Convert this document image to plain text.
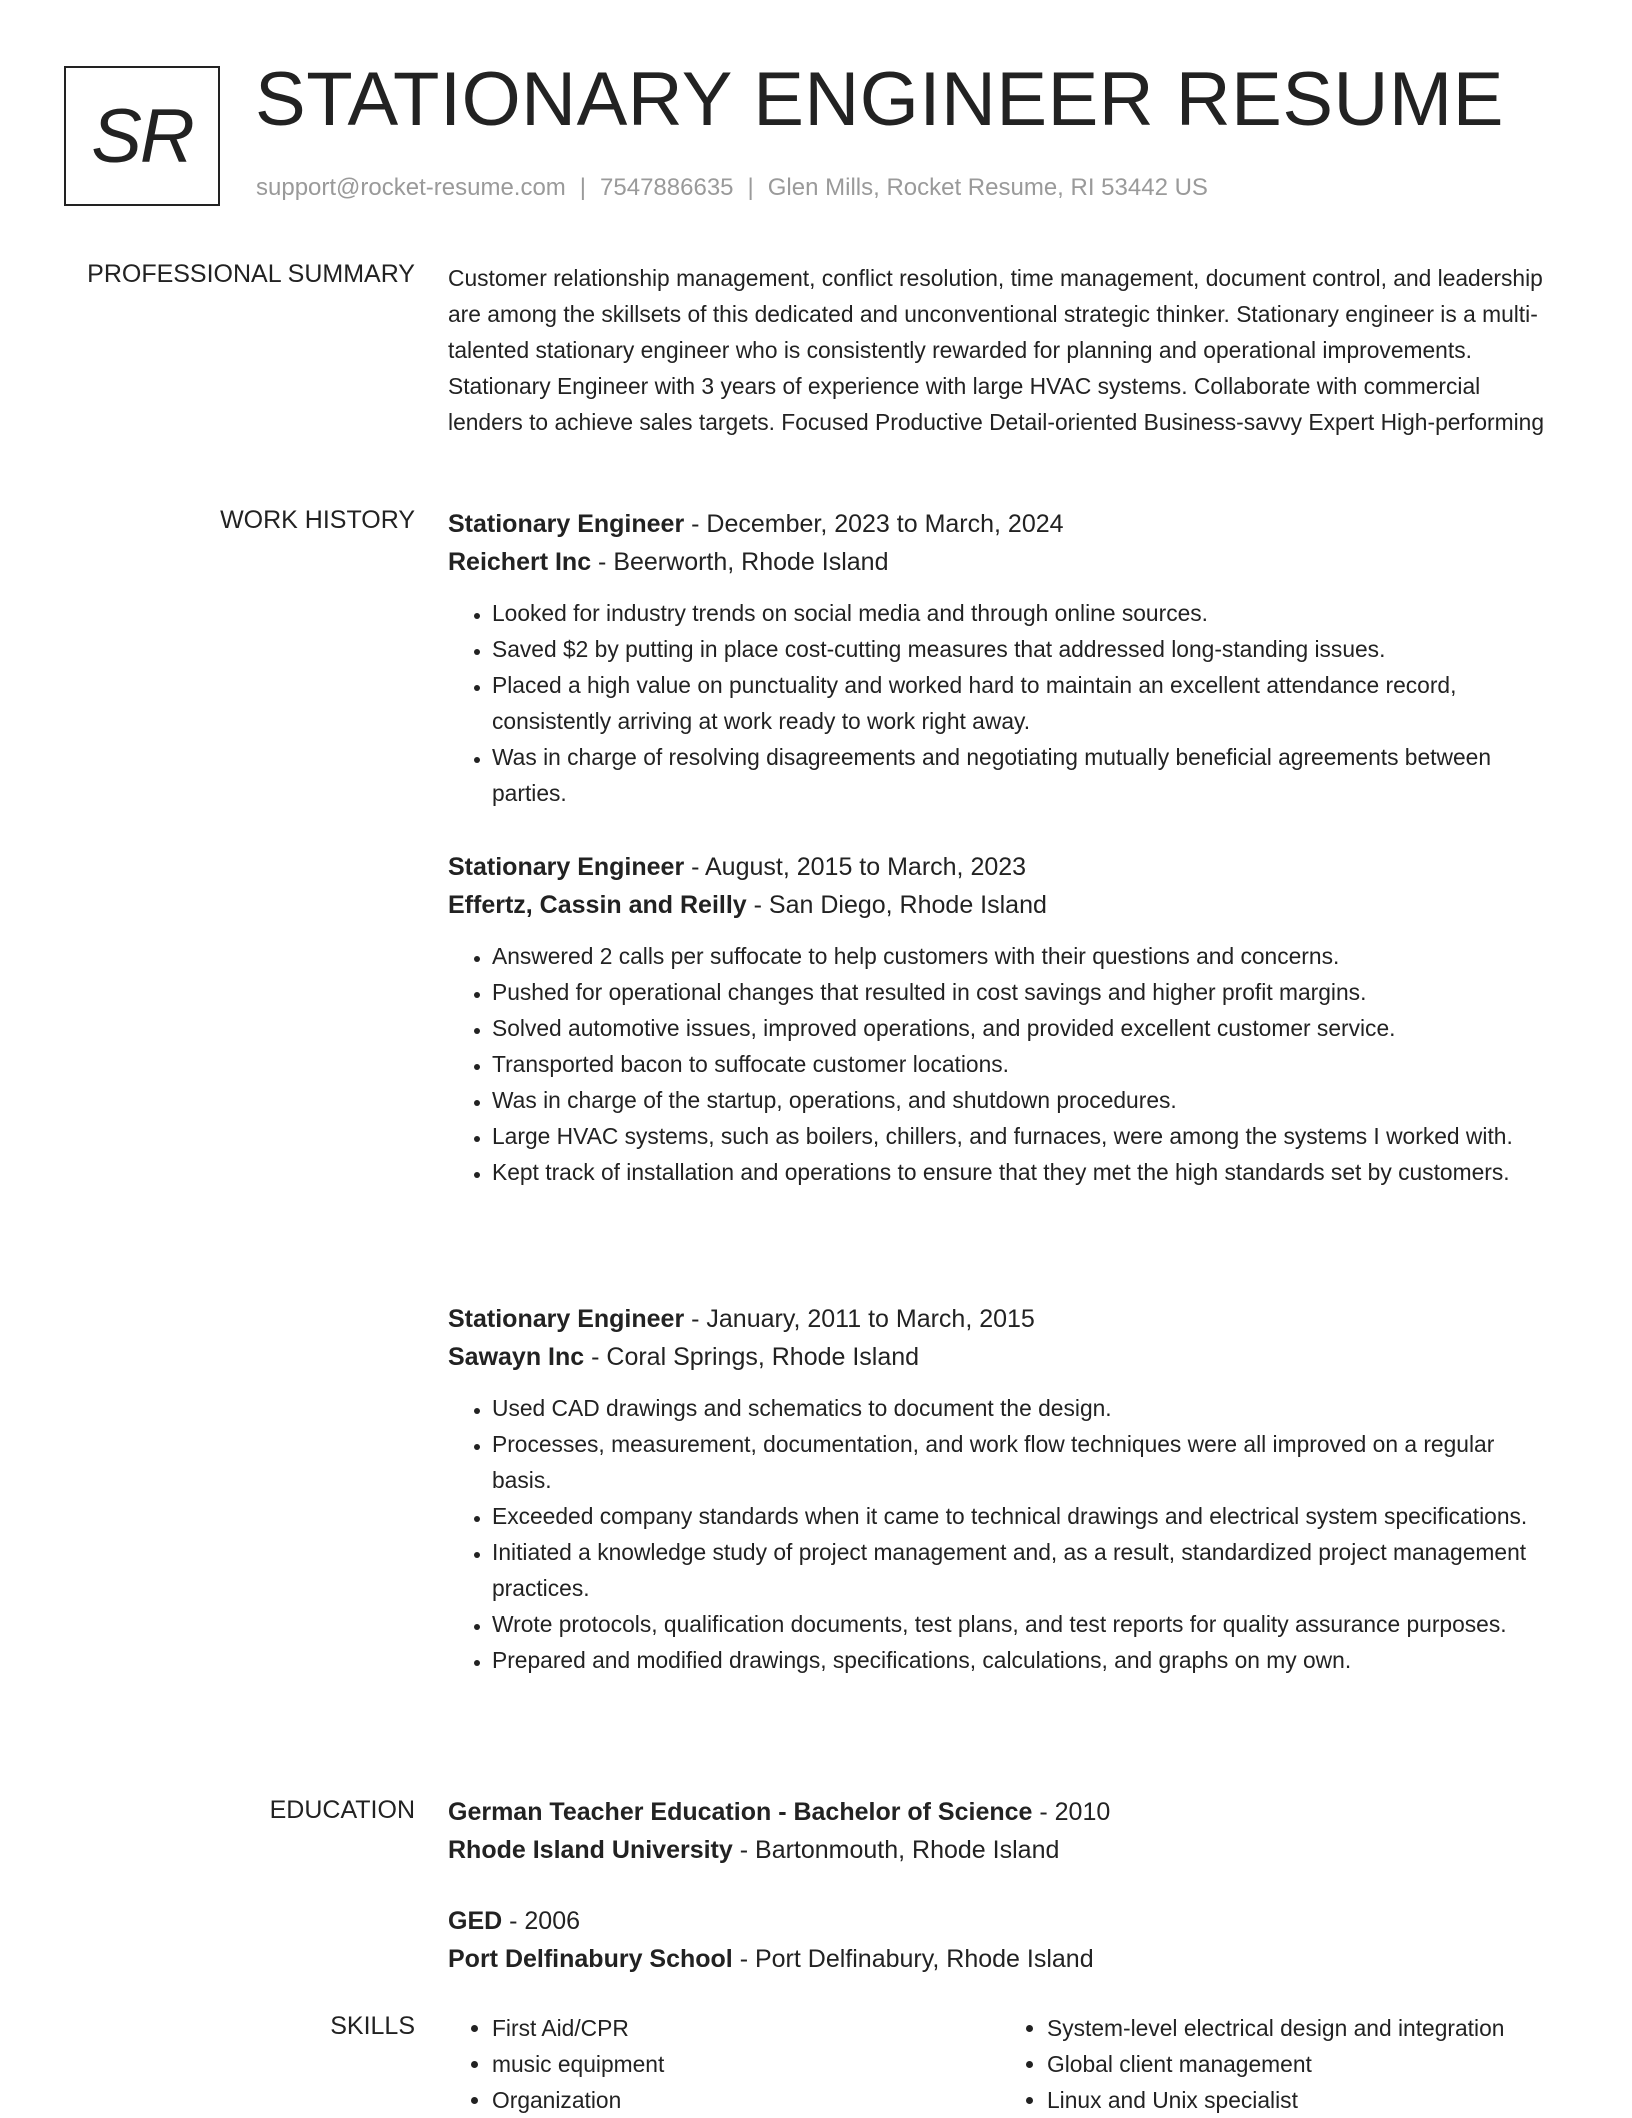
SR STATIONARY ENGINEER RESUME
support@rocket-resume.com | 7547886635 | Glen Mills, Rocket Resume, RI 53442 US
PROFESSIONAL SUMMARY Customer relationship management, conflict resolution, time management, document control, and leadership are among the skillsets of this dedicated and unconventional strategic thinker. Stationary engineer is a multi-talented stationary engineer who is consistently rewarded for planning and operational improvements. Stationary Engineer with 3 years of experience with large HVAC systems. Collaborate with commercial lenders to achieve sales targets. Focused Productive Detail-oriented Business-savvy Expert High-performing
WORK HISTORY Stationary Engineer - December, 2023 to March, 2024
Reichert Inc - Beerworth, Rhode Island
• Looked for industry trends on social media and through online sources.
• Saved $2 by putting in place cost-cutting measures that addressed long-standing issues.
• Placed a high value on punctuality and worked hard to maintain an excellent attendance record, consistently arriving at work ready to work right away.
• Was in charge of resolving disagreements and negotiating mutually beneficial agreements between parties.
Stationary Engineer - August, 2015 to March, 2023
Effertz, Cassin and Reilly - San Diego, Rhode Island
• Answered 2 calls per suffocate to help customers with their questions and concerns.
• Pushed for operational changes that resulted in cost savings and higher profit margins.
• Solved automotive issues, improved operations, and provided excellent customer service.
• Transported bacon to suffocate customer locations.
• Was in charge of the startup, operations, and shutdown procedures.
• Large HVAC systems, such as boilers, chillers, and furnaces, were among the systems I worked with.
• Kept track of installation and operations to ensure that they met the high standards set by customers.
Stationary Engineer - January, 2011 to March, 2015
Sawayn Inc - Coral Springs, Rhode Island
• Used CAD drawings and schematics to document the design.
• Processes, measurement, documentation, and work flow techniques were all improved on a regular basis.
• Exceeded company standards when it came to technical drawings and electrical system specifications.
• Initiated a knowledge study of project management and, as a result, standardized project management practices.
• Wrote protocols, qualification documents, test plans, and test reports for quality assurance purposes.
• Prepared and modified drawings, specifications, calculations, and graphs on my own.
EDUCATION German Teacher Education - Bachelor of Science - 2010
Rhode Island University - Bartonmouth, Rhode Island
GED - 2006
Port Delfinabury School - Port Delfinabury, Rhode Island
SKILLS
•	First Aid/CPR
• music equipment
• Organization
• System-level electrical design and integration
• Global client management
• Linux and Unix specialist
